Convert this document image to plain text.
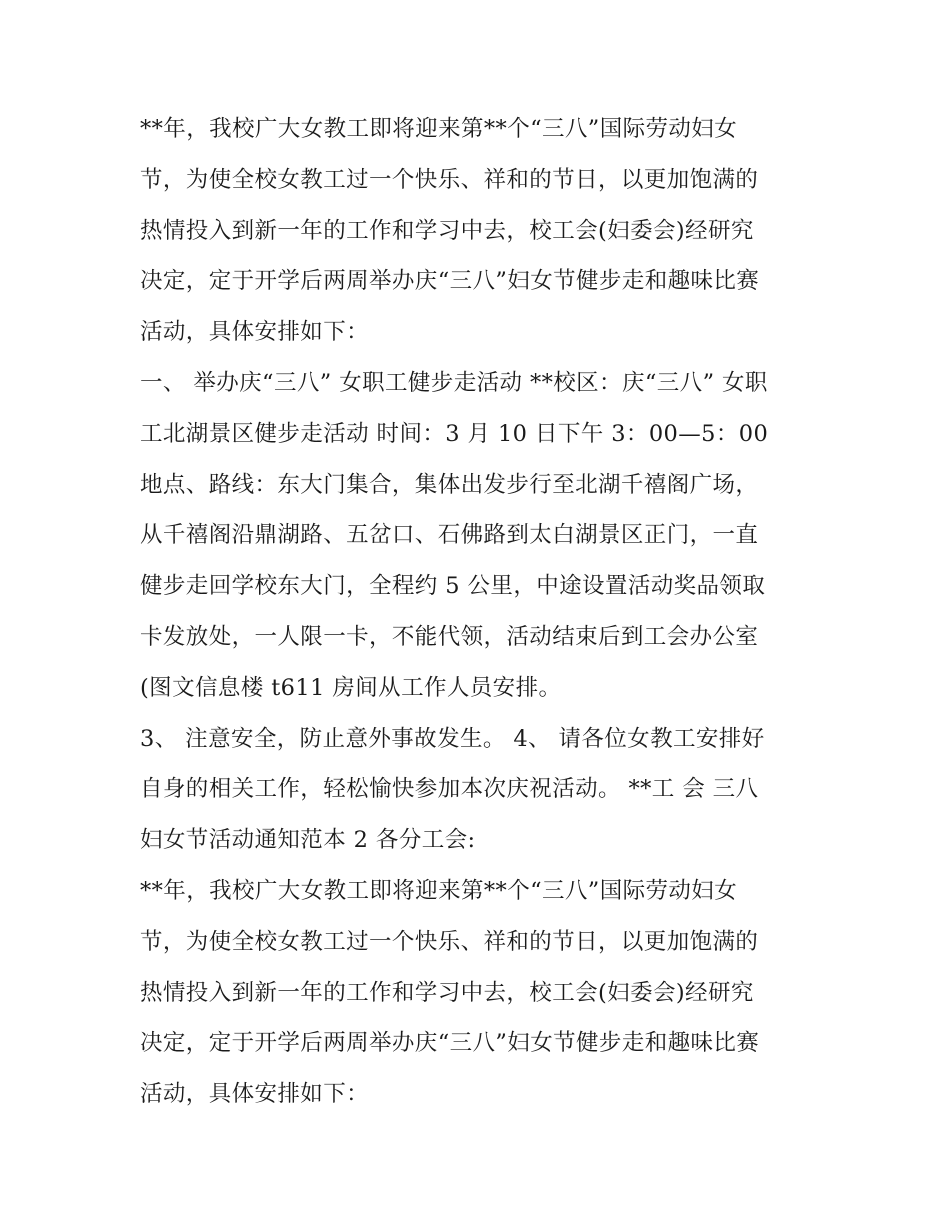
**年，我校广大女教工即将迎来第**个“三八”国际劳动妇女
节，为使全校女教工过一个快乐、祥和的节日，以更加饱满的
热情投入到新一年的工作和学习中去，校工会(妇委会)经研究
决定，定于开学后两周举办庆“三八”妇女节健步走和趣味比赛
活动，具体安排如下：
一、 举办庆“三八” 女职工健步走活动 **校区：庆“三八” 女职
工北湖景区健步走活动 时间：3 月 10 日下午 3：00—5：00
地点、路线：东大门集合，集体出发步行至北湖千禧阁广场，
从千禧阁沿鼎湖路、五岔口、石佛路到太白湖景区正门，一直
健步走回学校东大门，全程约 5 公里，中途设置活动奖品领取
卡发放处，一人限一卡，不能代领，活动结束后到工会办公室
(图文信息楼 t611 房间从工作人员安排。
3、 注意安全，防止意外事故发生。 4、 请各位女教工安排好
自身的相关工作，轻松愉快参加本次庆祝活动。 **工 会 三八
妇女节活动通知范本 2 各分工会:
**年，我校广大女教工即将迎来第**个“三八”国际劳动妇女
节，为使全校女教工过一个快乐、祥和的节日，以更加饱满的
热情投入到新一年的工作和学习中去，校工会(妇委会)经研究
决定，定于开学后两周举办庆“三八”妇女节健步走和趣味比赛
活动，具体安排如下：
